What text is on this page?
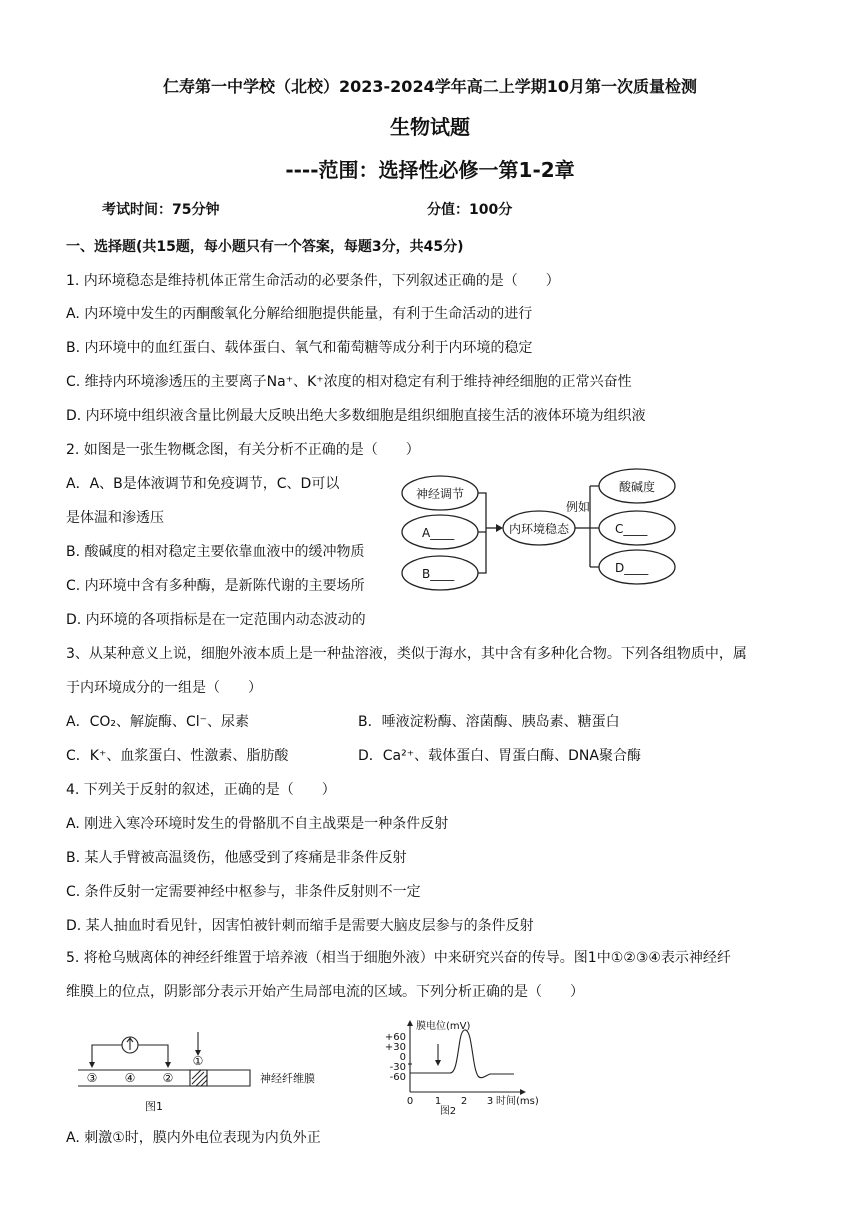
仁寿第一中学校（北校）2023-2024学年高二上学期10月第一次质量检测
生物试题
----范围：选择性必修一第1-2章
考试时间：75分钟	分值：100分
一、选择题(共15题，每小题只有一个答案，每题3分，共45分)
1. 内环境稳态是维持机体正常生命活动的必要条件，下列叙述正确的是（　　）
A. 内环境中发生的丙酮酸氧化分解给细胞提供能量，有利于生命活动的进行
B. 内环境中的血红蛋白、载体蛋白、氧气和葡萄糖等成分利于内环境的稳定
C. 维持内环境渗透压的主要离子Na⁺、K⁺浓度的相对稳定有利于维持神经细胞的正常兴奋性
D. 内环境中组织液含量比例最大反映出绝大多数细胞是组织细胞直接生活的液体环境为组织液
2. 如图是一张生物概念图，有关分析不正确的是（　　）
A．A、B是体液调节和免疫调节，C、D可以
是体温和渗透压
B. 酸碱度的相对稳定主要依靠血液中的缓冲物质
C. 内环境中含有多种酶，是新陈代谢的主要场所
D. 内环境的各项指标是在一定范围内动态波动的
神经调节
A____
B____
内环境稳态
例如
酸碱度
C____
D____
3、从某种意义上说，细胞外液本质上是一种盐溶液，类似于海水，其中含有多种化合物。下列各组物质中，属
于内环境成分的一组是（　　）
A．CO₂、解旋酶、Cl⁻、尿素	B．唾液淀粉酶、溶菌酶、胰岛素、糖蛋白
C．K⁺、血浆蛋白、性激素、脂肪酸	D．Ca²⁺、载体蛋白、胃蛋白酶、DNA聚合酶
4. 下列关于反射的叙述，正确的是（　　）
A. 刚进入寒冷环境时发生的骨骼肌不自主战栗是一种条件反射
B. 某人手臂被高温烫伤，他感受到了疼痛是非条件反射
C. 条件反射一定需要神经中枢参与，非条件反射则不一定
D. 某人抽血时看见针，因害怕被针刺而缩手是需要大脑皮层参与的条件反射
5. 将枪乌贼离体的神经纤维置于培养液（相当于细胞外液）中来研究兴奋的传导。图1中①②③④表示神经纤
维膜上的位点，阴影部分表示开始产生局部电流的区域。下列分析正确的是（　　）
③ ④ ②
①
神经纤维膜
图1
膜电位(mV)
+60
+30
0
-30
-60
0 1 2 3 时间(ms)
图2
A. 刺激①时，膜内外电位表现为内负外正
